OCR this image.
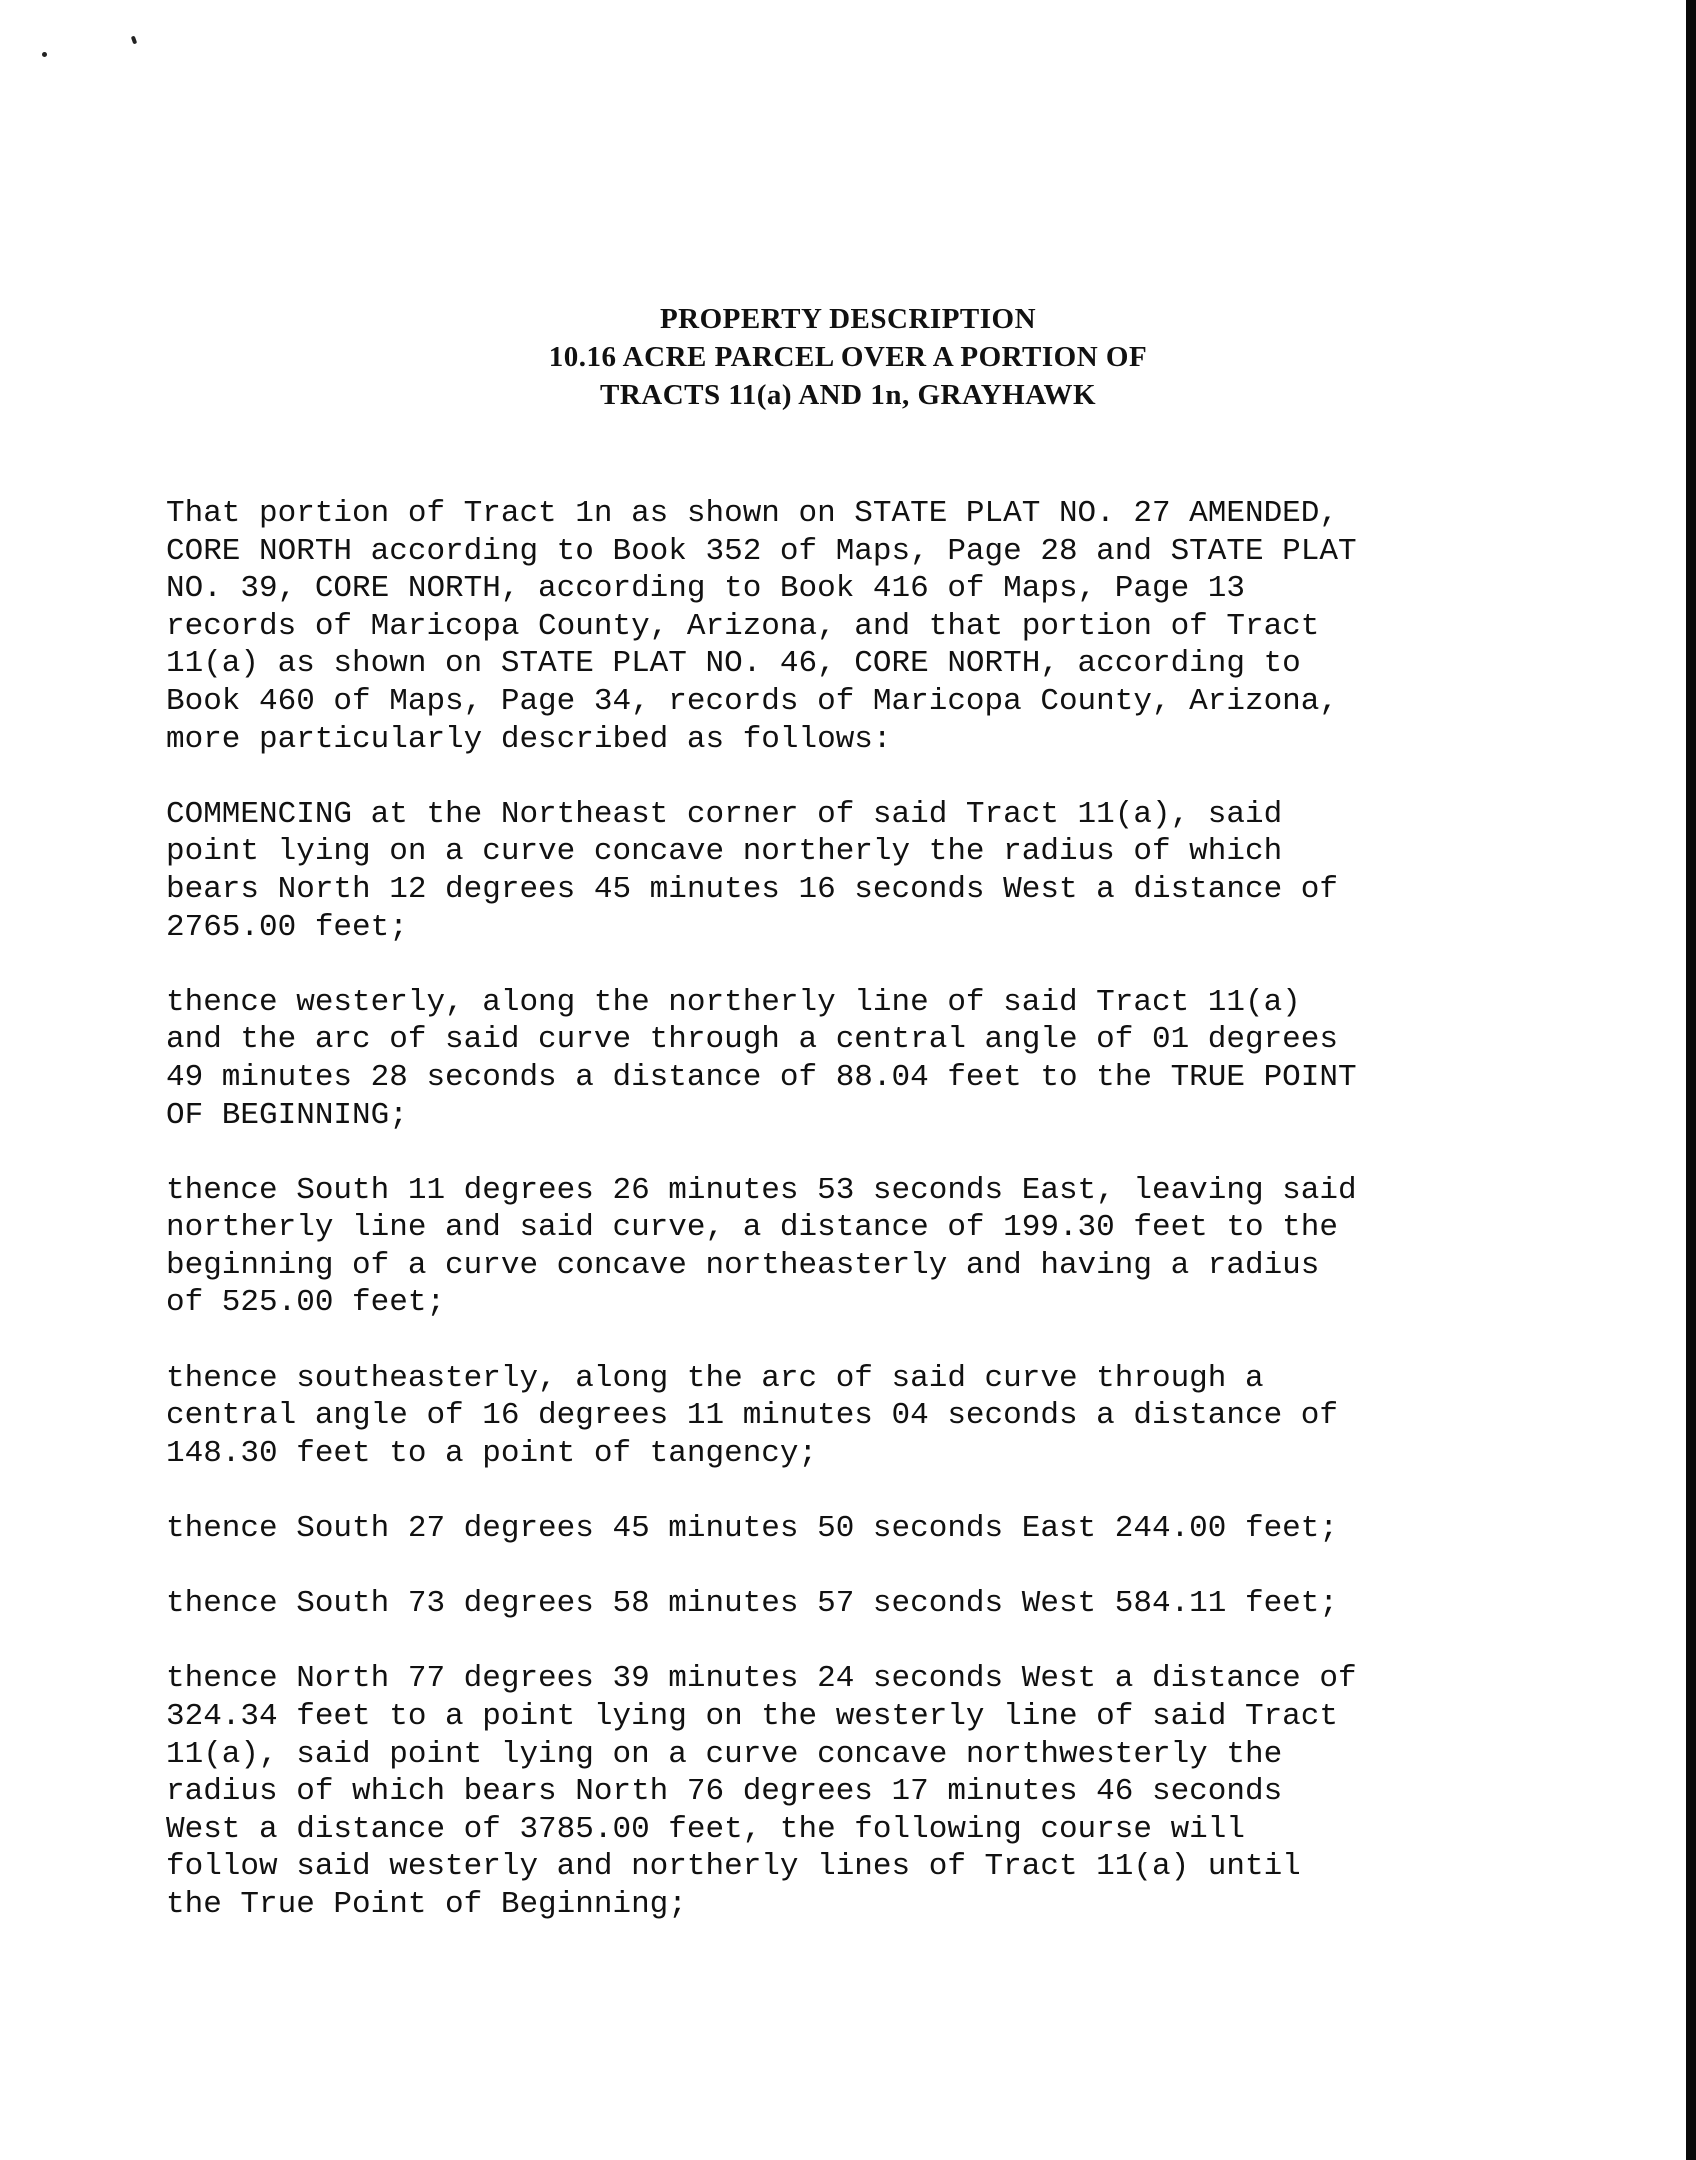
PROPERTY DESCRIPTION
10.16 ACRE PARCEL OVER A PORTION OF
TRACTS 11(a) AND 1n, GRAYHAWK
That portion of Tract 1n as shown on STATE PLAT NO. 27 AMENDED,
CORE NORTH according to Book 352 of Maps, Page 28 and STATE PLAT
NO. 39, CORE NORTH, according to Book 416 of Maps, Page 13
records of Maricopa County, Arizona, and that portion of Tract
11(a) as shown on STATE PLAT NO. 46, CORE NORTH, according to
Book 460 of Maps, Page 34, records of Maricopa County, Arizona,
more particularly described as follows:
COMMENCING at the Northeast corner of said Tract 11(a), said
point lying on a curve concave northerly the radius of which
bears North 12 degrees 45 minutes 16 seconds West a distance of
2765.00 feet;
thence westerly, along the northerly line of said Tract 11(a)
and the arc of said curve through a central angle of 01 degrees
49 minutes 28 seconds a distance of 88.04 feet to the TRUE POINT
OF BEGINNING;
thence South 11 degrees 26 minutes 53 seconds East, leaving said
northerly line and said curve, a distance of 199.30 feet to the
beginning of a curve concave northeasterly and having a radius
of 525.00 feet;
thence southeasterly, along the arc of said curve through a
central angle of 16 degrees 11 minutes 04 seconds a distance of
148.30 feet to a point of tangency;
thence South 27 degrees 45 minutes 50 seconds East 244.00 feet;
thence South 73 degrees 58 minutes 57 seconds West 584.11 feet;
thence North 77 degrees 39 minutes 24 seconds West a distance of
324.34 feet to a point lying on the westerly line of said Tract
11(a), said point lying on a curve concave northwesterly the
radius of which bears North 76 degrees 17 minutes 46 seconds
West a distance of 3785.00 feet, the following course will
follow said westerly and northerly lines of Tract 11(a) until
the True Point of Beginning;
